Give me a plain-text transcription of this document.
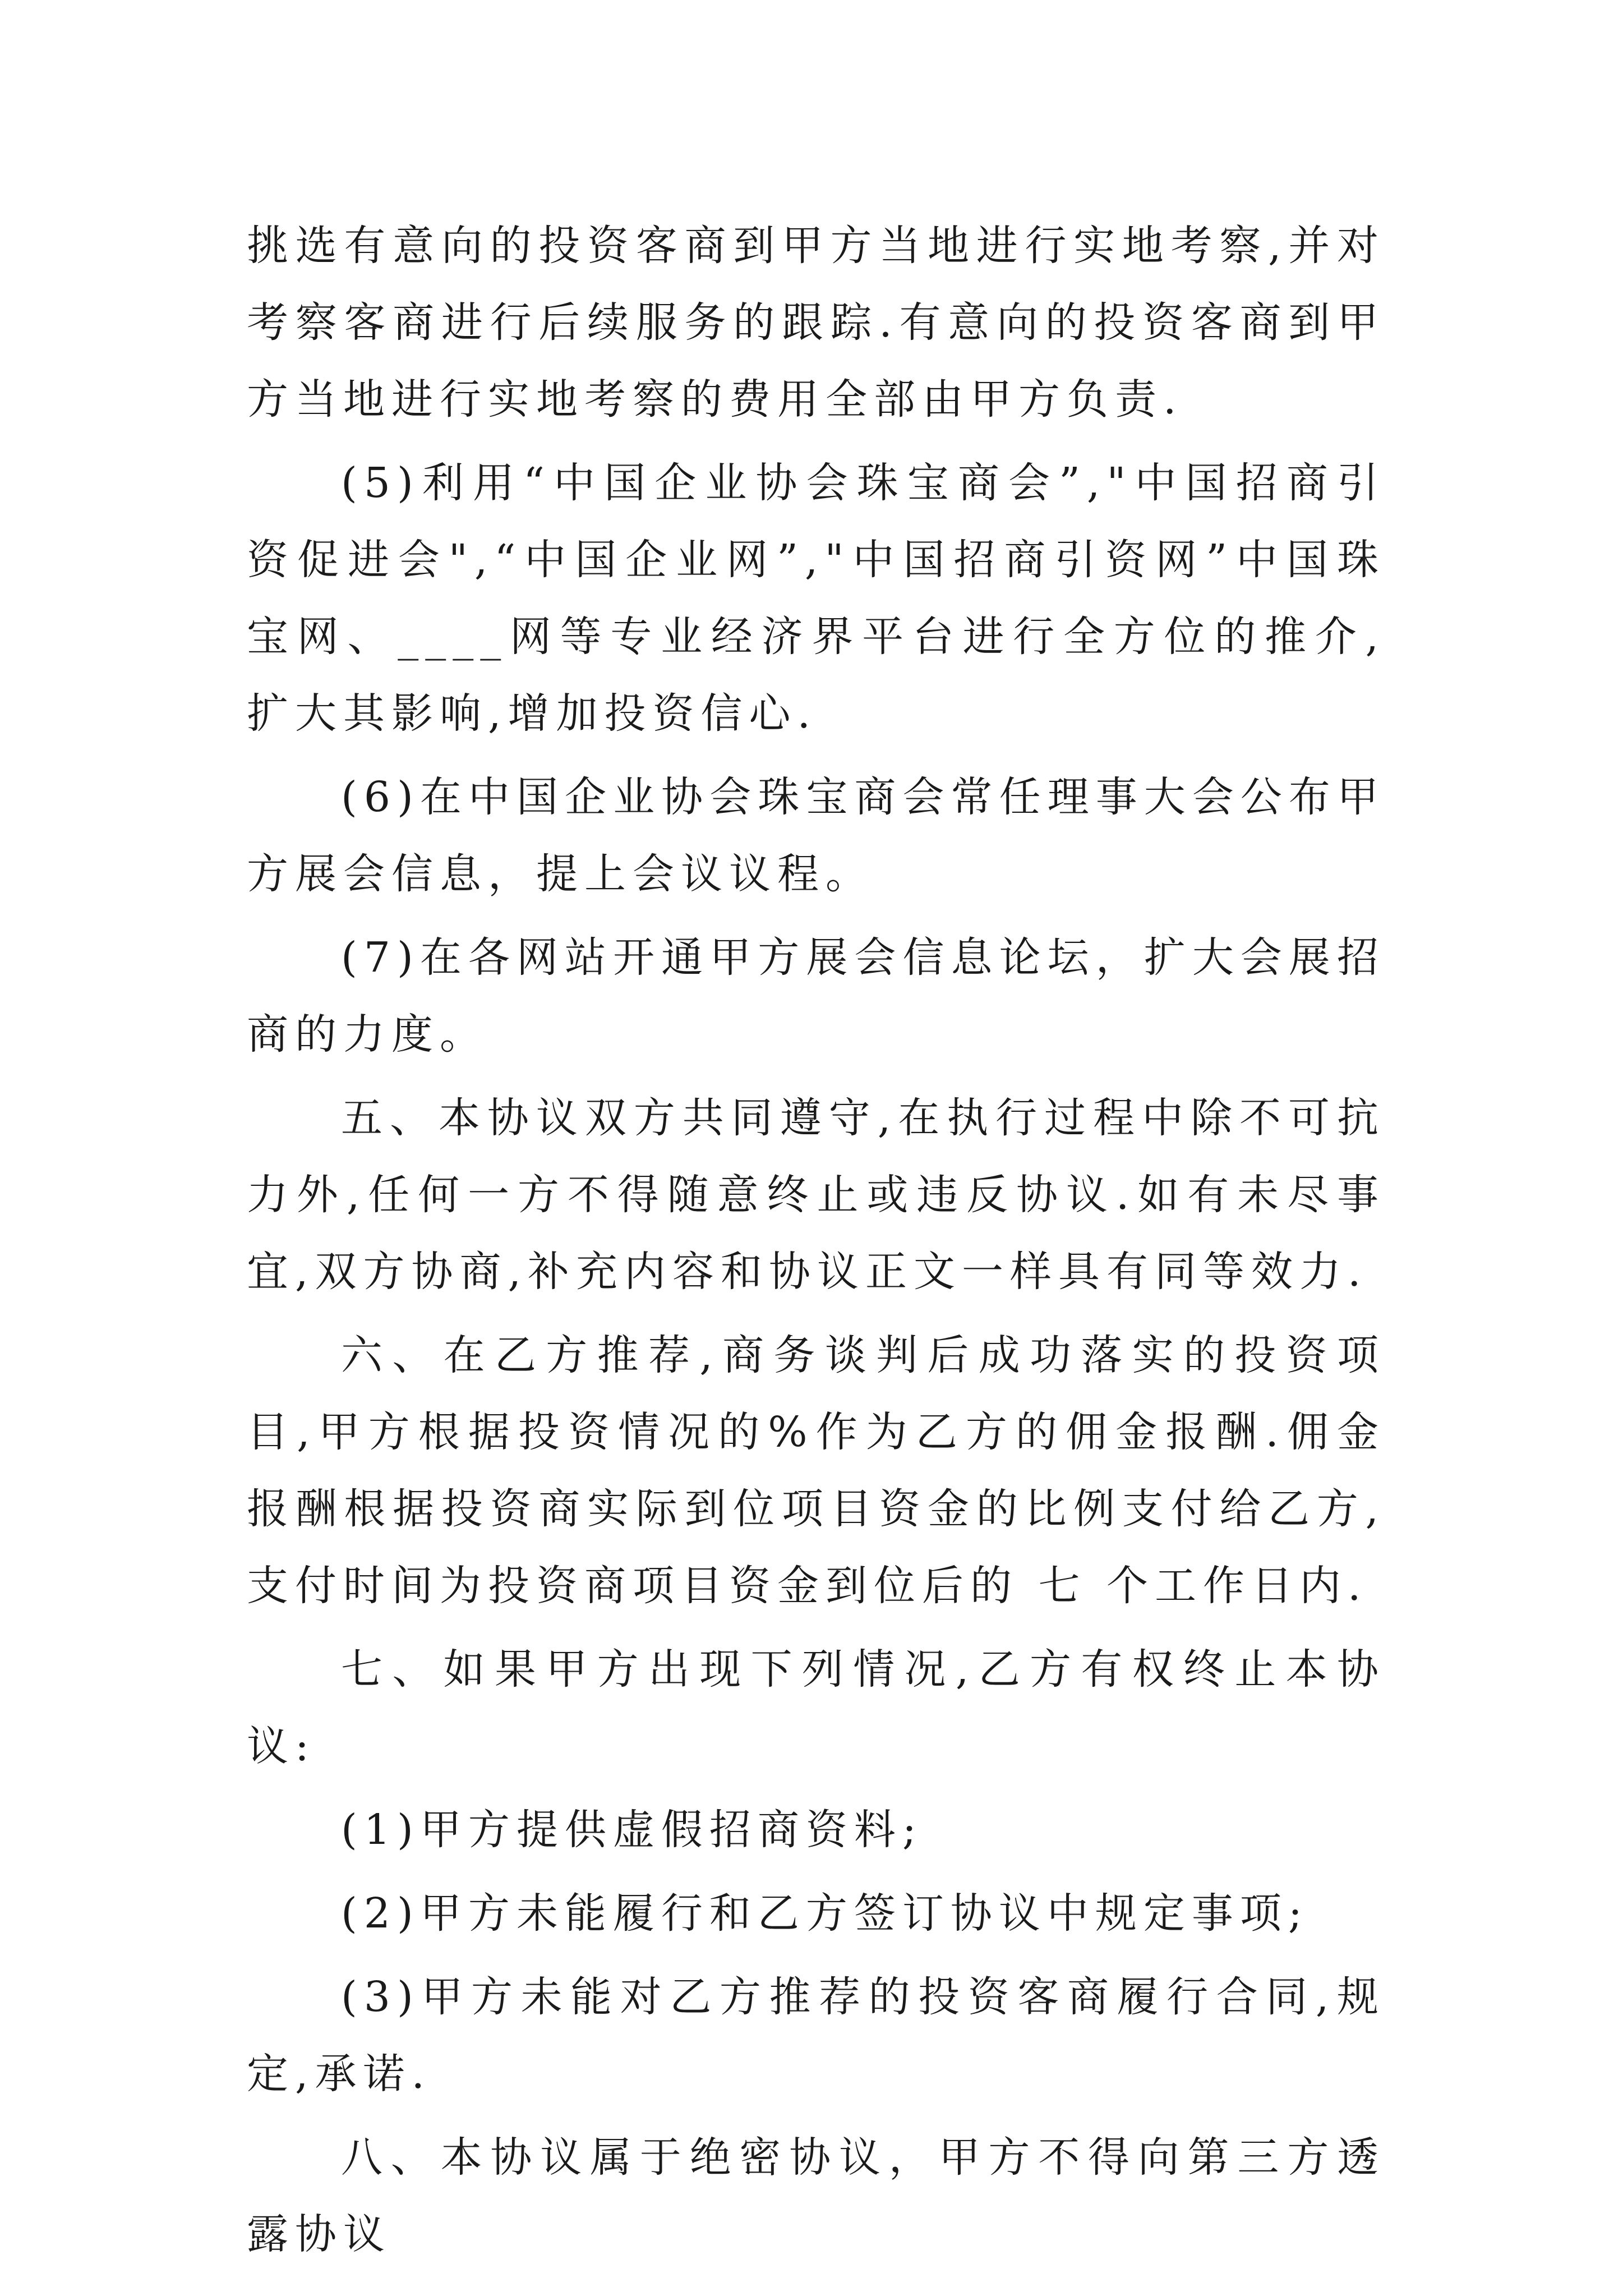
挑选有意向的投资客商到甲方当地进行实地考察,并对考察客商进行后续服务的跟踪.有意向的投资客商到甲方当地进行实地考察的费用全部由甲方负责.

(5)利用“中国企业协会珠宝商会”,"中国招商引资促进会",“中国企业网”,"中国招商引资网”中国珠宝网、____网等专业经济界平台进行全方位的推介,扩大其影响,增加投资信心.

(6)在中国企业协会珠宝商会常任理事大会公布甲方展会信息，提上会议议程。

(7)在各网站开通甲方展会信息论坛，扩大会展招商的力度。

五、本协议双方共同遵守,在执行过程中除不可抗力外,任何一方不得随意终止或违反协议.如有未尽事宜,双方协商,补充内容和协议正文一样具有同等效力.

六、在乙方推荐,商务谈判后成功落实的投资项目,甲方根据投资情况的%作为乙方的佣金报酬.佣金报酬根据投资商实际到位项目资金的比例支付给乙方,支付时间为投资商项目资金到位后的 七 个工作日内.

七、如果甲方出现下列情况,乙方有权终止本协议:

(1)甲方提供虚假招商资料;

(2)甲方未能履行和乙方签订协议中规定事项;

(3)甲方未能对乙方推荐的投资客商履行合同,规定,承诺.

八、本协议属于绝密协议，甲方不得向第三方透露协议
